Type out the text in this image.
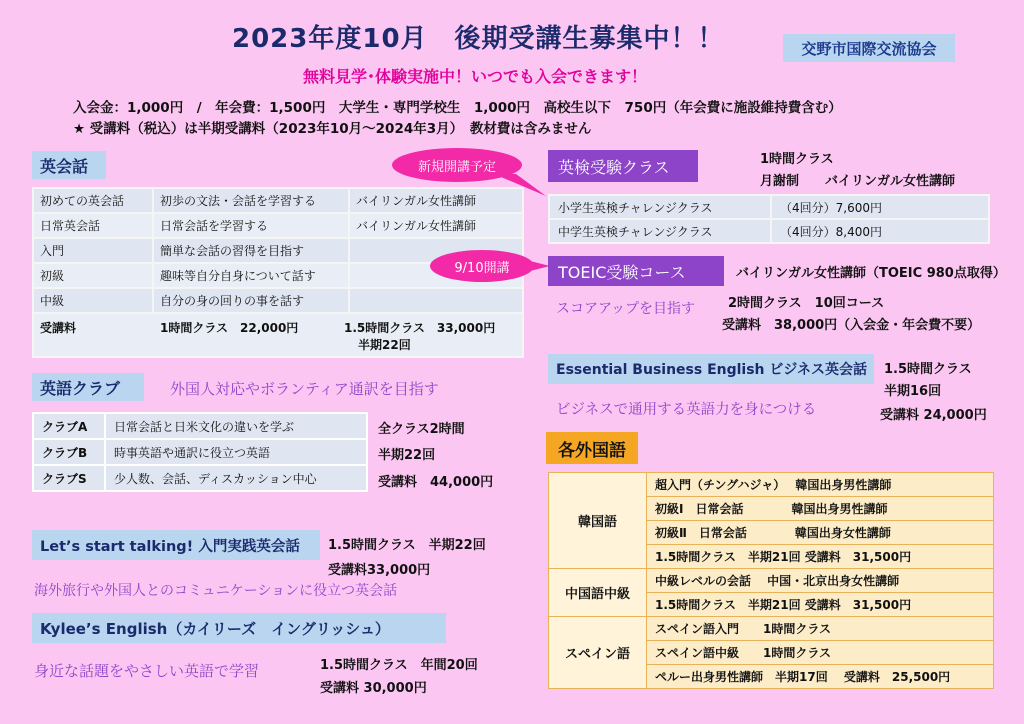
2023年度10月　後期受講生募集中！！	交野市国際交流協会
無料見学･体験実施中！いつでも入会できます！
入会金：1,000円　/　年会費：1,500円　大学生・専門学校生　1,000円　高校生以下　750円（年会費に施設維持費含む）
★ 受講料（税込）は半期受講料（2023年10月～2024年3月）　教材費は含みません
英会話
初めての英会話	初歩の文法・会話を学習する	バイリンガル女性講師
日常英会話	日常会話を学習する	バイリンガル女性講師
入門	簡単な会話の習得を目指す	
初級	趣味等自分自身について話す	
中級	自分の身の回りの事を話す	
受講料 1時間クラス　22,000円 1.5時間クラス　33,000円
半期22回		
英語クラブ	外国人対応やボランティア通訳を目指す
クラブA	日常会話と日米文化の違いを学ぶ
クラブB	時事英語や通訳に役立つ英語
クラブS	少人数、会話、ディスカッション中心
全クラス2時間
半期22回
受講料　44,000円
Let’s start talking! 入門実践英会話	1.5時間クラス　半期22回
受講料33,000円
海外旅行や外国人とのコミュニケーションに役立つ英会話
Kylee’s English（カイリーズ　イングリッシュ）
身近な話題をやさしい英語で学習	1.5時間クラス　年間20回
受講料 30,000円
新規開講予定	英検受験クラス	1時間クラス
月謝制　　バイリンガル女性講師
小学生英検チャレンジクラス	（4回分）7,600円
中学生英検チャレンジクラス	（4回分）8,400円
9/10開講	TOEIC受験コース	バイリンガル女性講師（TOEIC 980点取得）
スコアアップを目指す	2時間クラス　10回コース
受講料　38,000円（入会金・年会費不要）
Essential Business English ビジネス英会話	1.5時間クラス
半期16回
受講料 24,000円
ビジネスで通用する英語力を身につける
各外国語
韓国語	超入門（チングハジャ）　 韓国出身男性講師
	初級Ⅰ　日常会話　　　　韓国出身男性講師
	初級Ⅱ　日常会話　　　　韓国出身女性講師
	1.5時間クラス　半期21回 受講料　31,500円
中国語中級	中級レベルの会話　 中国・北京出身女性講師
	1.5時間クラス　半期21回 受講料　31,500円
スペイン語	スペイン語入門　　1時間クラス
	スペイン語中級　　1時間クラス
	ペルー出身男性講師　半期17回　 受講料　25,500円
